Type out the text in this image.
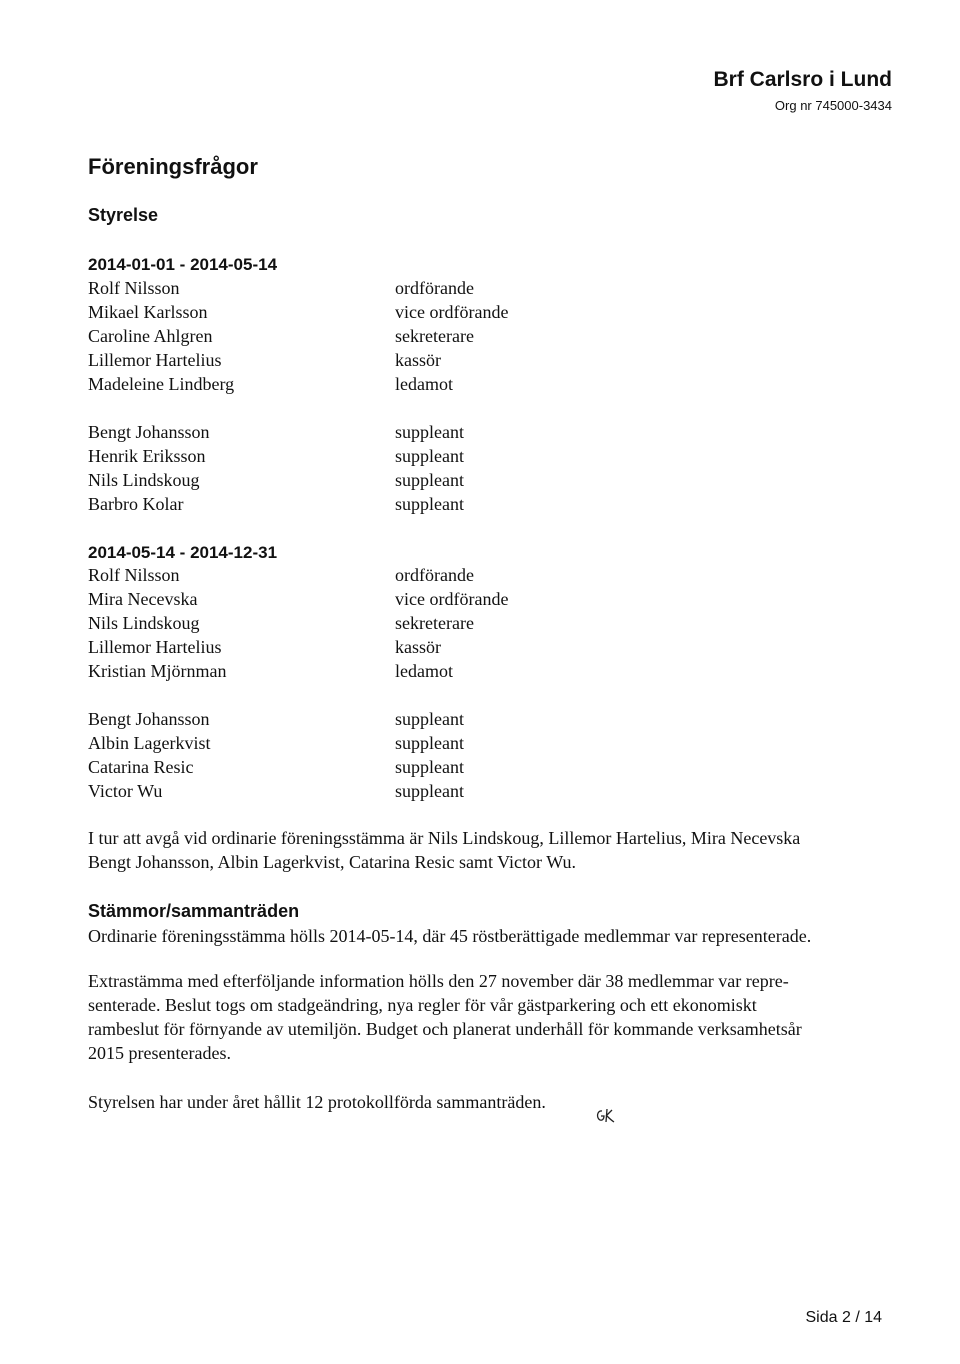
Brf Carlsro i Lund
Org nr 745000-3434
Föreningsfrågor
Styrelse
2014-01-01 - 2014-05-14
Rolf Nilsson	ordförande
Mikael Karlsson	vice ordförande
Caroline Ahlgren	sekreterare
Lillemor Hartelius	kassör
Madeleine Lindberg	ledamot
Bengt Johansson	suppleant
Henrik Eriksson	suppleant
Nils Lindskoug	suppleant
Barbro Kolar	suppleant
2014-05-14 - 2014-12-31
Rolf Nilsson	ordförande
Mira Necevska	vice ordförande
Nils Lindskoug	sekreterare
Lillemor Hartelius	kassör
Kristian Mjörnman	ledamot
Bengt Johansson	suppleant
Albin Lagerkvist	suppleant
Catarina Resic	suppleant
Victor Wu	suppleant

I tur att avgå vid ordinarie föreningsstämma är Nils Lindskoug, Lillemor Hartelius, Mira Necevska
Bengt Johansson, Albin Lagerkvist, Catarina Resic samt Victor Wu.

Stämmor/sammanträden

Ordinarie föreningsstämma hölls 2014-05-14, där 45 röstberättigade medlemmar var representerade.

Extrastämma med efterföljande information hölls den 27 november där 38 medlemmar var repre-
senterade. Beslut togs om stadgeändring, nya regler för vår gästparkering och ett ekonomiskt
rambeslut för förnyande av utemiljön. Budget och planerat underhåll för kommande verksamhetsår
2015 presenterades.

Styrelsen har under året hållit 12 protokollförda sammanträden.

Sida 2 / 14
